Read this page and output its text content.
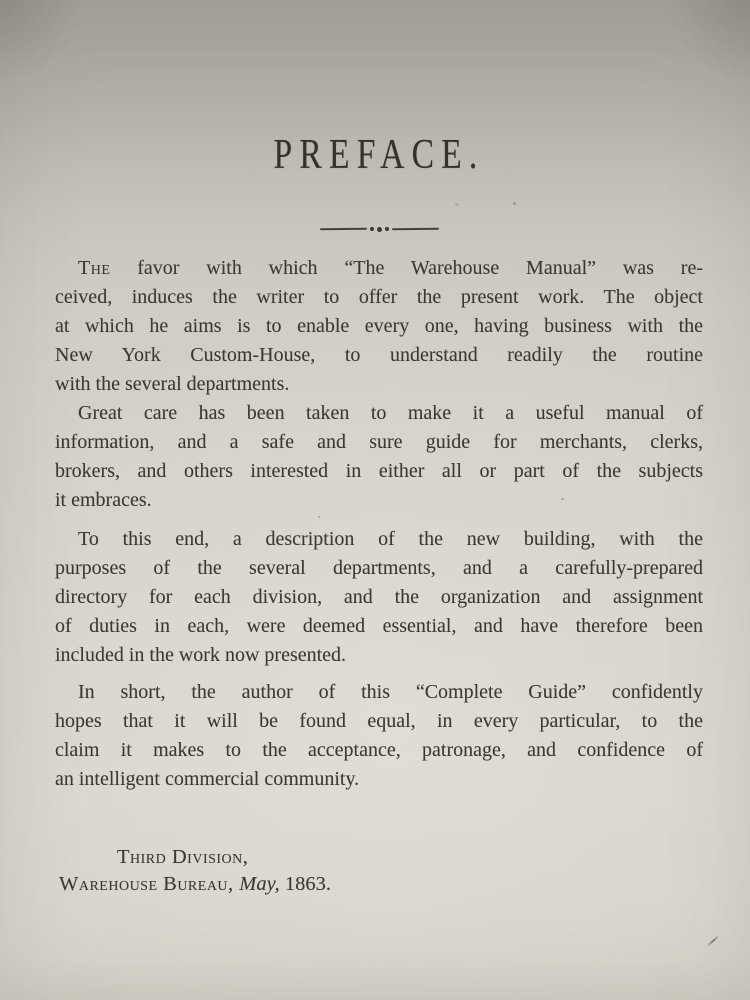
PREFACE.
The favor with which “The Warehouse Manual” was re-
ceived, induces the writer to offer the present work. The object
at which he aims is to enable every one, having business with the
New York Custom-House, to understand readily the routine
with the several departments.
Great care has been taken to make it a useful manual of
information, and a safe and sure guide for merchants, clerks,
brokers, and others interested in either all or part of the subjects
it embraces.
To this end, a description of the new building, with the
purposes of the several departments, and a carefully-prepared
directory for each division, and the organization and assignment
of duties in each, were deemed essential, and have therefore been
included in the work now presented.
In short, the author of this “Complete Guide” confidently
hopes that it will be found equal, in every particular, to the
claim it makes to the acceptance, patronage, and confidence of
an intelligent commercial community.
Third Division,
Warehouse Bureau, May, 1863.
